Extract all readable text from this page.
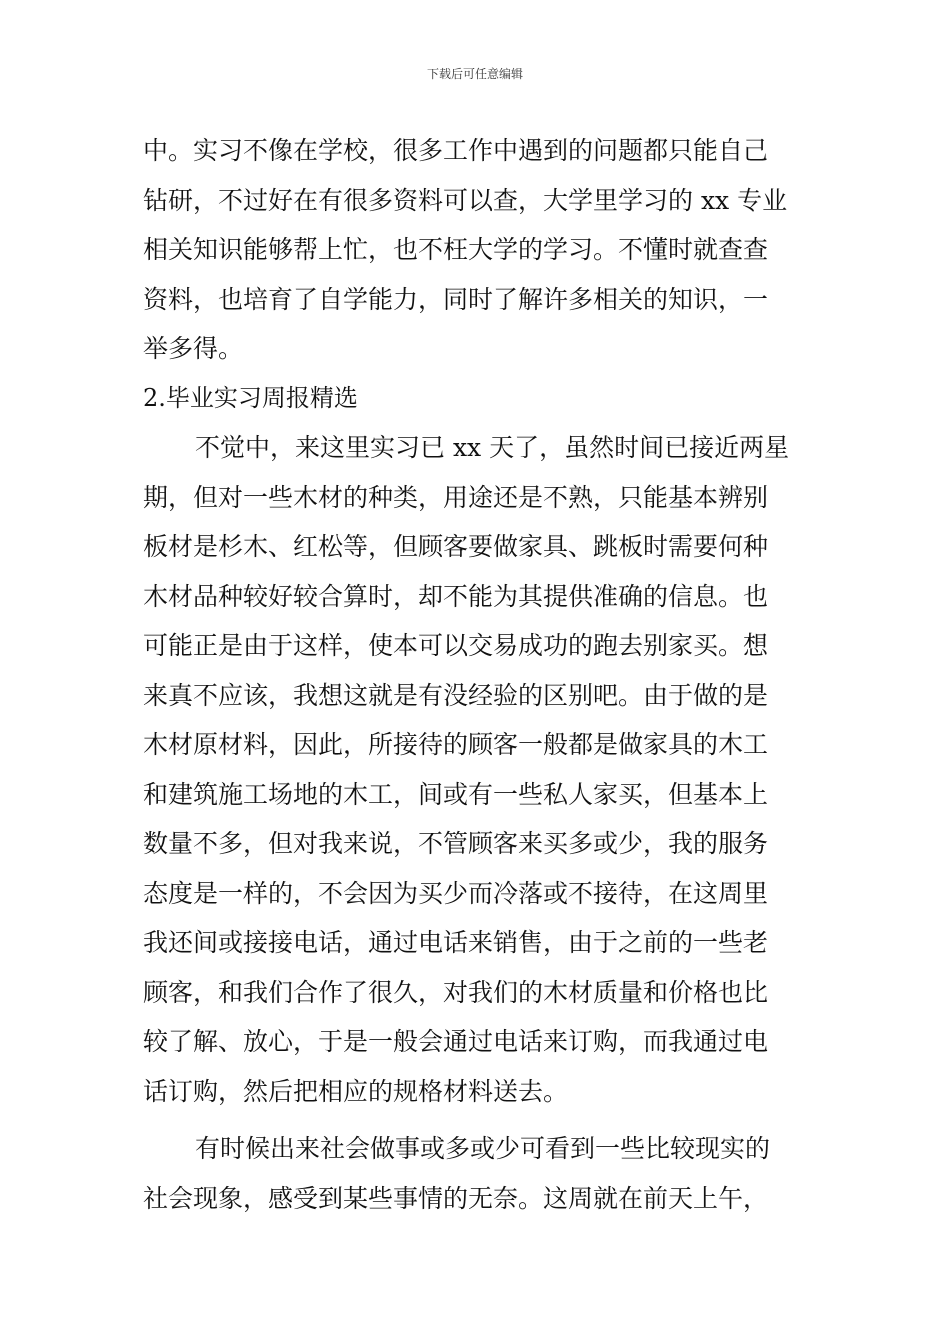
下载后可任意编辑
中。实习不像在学校，很多工作中遇到的问题都只能自己
钻研，不过好在有很多资料可以查，大学里学习的 xx 专业
相关知识能够帮上忙，也不枉大学的学习。不懂时就查查
资料，也培育了自学能力，同时了解许多相关的知识，一
举多得。
2.毕业实习周报精选
不觉中，来这里实习已 xx 天了，虽然时间已接近两星
期，但对一些木材的种类，用途还是不熟，只能基本辨别
板材是杉木、红松等，但顾客要做家具、跳板时需要何种
木材品种较好较合算时，却不能为其提供准确的信息。也
可能正是由于这样，使本可以交易成功的跑去别家买。想
来真不应该，我想这就是有没经验的区别吧。由于做的是
木材原材料，因此，所接待的顾客一般都是做家具的木工
和建筑施工场地的木工，间或有一些私人家买，但基本上
数量不多，但对我来说，不管顾客来买多或少，我的服务
态度是一样的，不会因为买少而冷落或不接待，在这周里
我还间或接接电话，通过电话来销售，由于之前的一些老
顾客，和我们合作了很久，对我们的木材质量和价格也比
较了解、放心，于是一般会通过电话来订购，而我通过电
话订购，然后把相应的规格材料送去。
有时候出来社会做事或多或少可看到一些比较现实的
社会现象，感受到某些事情的无奈。这周就在前天上午，
